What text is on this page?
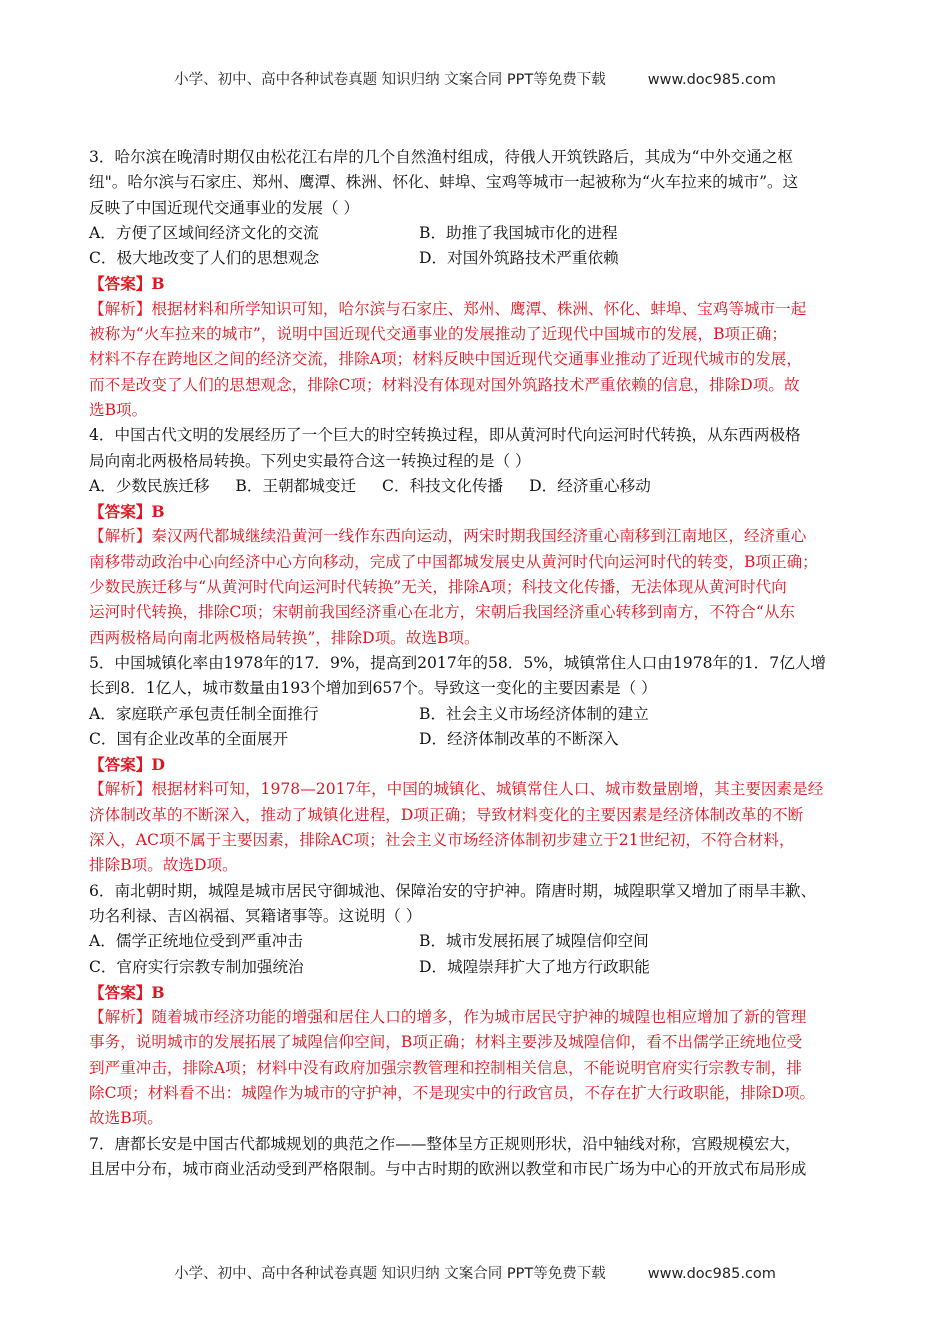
小学、初中、高中各种试卷真题 知识归纳 文案合同 PPT等免费下载	www.doc985.com
3．哈尔滨在晚清时期仅由松花江右岸的几个自然渔村组成，待俄人开筑铁路后，其成为“中外交通之枢
纽"。哈尔滨与石家庄、郑州、鹰潭、株洲、怀化、蚌埠、宝鸡等城市一起被称为“火车拉来的城市”。这
反映了中国近现代交通事业的发展（ ）
A．方便了区域间经济文化的交流	B．助推了我国城市化的进程
C．极大地改变了人们的思想观念	D．对国外筑路技术严重依赖
【答案】B
【解析】根据材料和所学知识可知，哈尔滨与石家庄、郑州、鹰潭、株洲、怀化、蚌埠、宝鸡等城市一起
被称为“火车拉来的城市”，说明中国近现代交通事业的发展推动了近现代中国城市的发展，B项正确；
材料不存在跨地区之间的经济交流，排除A项；材料反映中国近现代交通事业推动了近现代城市的发展，
而不是改变了人们的思想观念，排除C项；材料没有体现对国外筑路技术严重依赖的信息，排除D项。故
选B项。
4．中国古代文明的发展经历了一个巨大的时空转换过程，即从黄河时代向运河时代转换，从东西两极格
局向南北两极格局转换。下列史实最符合这一转换过程的是（ ）
A．少数民族迁移 B．王朝都城变迁 C．科技文化传播 D．经济重心移动
【答案】B
【解析】秦汉两代都城继续沿黄河一线作东西向运动，两宋时期我国经济重心南移到江南地区，经济重心
南移带动政治中心向经济中心方向移动，完成了中国都城发展史从黄河时代向运河时代的转变，B项正确；
少数民族迁移与“从黄河时代向运河时代转换”无关，排除A项；科技文化传播，无法体现从黄河时代向
运河时代转换，排除C项；宋朝前我国经济重心在北方，宋朝后我国经济重心转移到南方，不符合“从东
西两极格局向南北两极格局转换”，排除D项。故选B项。
5．中国城镇化率由1978年的17．9%，提高到2017年的58．5%，城镇常住人口由1978年的1．7亿人增
长到8．1亿人，城市数量由193个增加到657个。导致这一变化的主要因素是（ ）
A．家庭联产承包责任制全面推行	B．社会主义市场经济体制的建立
C．国有企业改革的全面展开	D．经济体制改革的不断深入
【答案】D
【解析】根据材料可知，1978—2017年，中国的城镇化、城镇常住人口、城市数量剧增，其主要因素是经
济体制改革的不断深入，推动了城镇化进程，D项正确；导致材料变化的主要因素是经济体制改革的不断
深入，AC项不属于主要因素，排除AC项；社会主义市场经济体制初步建立于21世纪初，不符合材料，
排除B项。故选D项。
6．南北朝时期，城隍是城市居民守御城池、保障治安的守护神。隋唐时期，城隍职掌又增加了雨旱丰歉、
功名利禄、吉凶祸福、冥籍诸事等。这说明（ ）
A．儒学正统地位受到严重冲击	B．城市发展拓展了城隍信仰空间
C．官府实行宗教专制加强统治	D．城隍崇拜扩大了地方行政职能
【答案】B
【解析】随着城市经济功能的增强和居住人口的增多，作为城市居民守护神的城隍也相应增加了新的管理
事务，说明城市的发展拓展了城隍信仰空间，B项正确；材料主要涉及城隍信仰，看不出儒学正统地位受
到严重冲击，排除A项；材料中没有政府加强宗教管理和控制相关信息，不能说明官府实行宗教专制，排
除C项；材料看不出：城隍作为城市的守护神，不是现实中的行政官员，不存在扩大行政职能，排除D项。
故选B项。
7．唐都长安是中国古代都城规划的典范之作——整体呈方正规则形状，沿中轴线对称，宫殿规模宏大，
且居中分布，城市商业活动受到严格限制。与中古时期的欧洲以教堂和市民广场为中心的开放式布局形成
小学、初中、高中各种试卷真题 知识归纳 文案合同 PPT等免费下载	www.doc985.com
